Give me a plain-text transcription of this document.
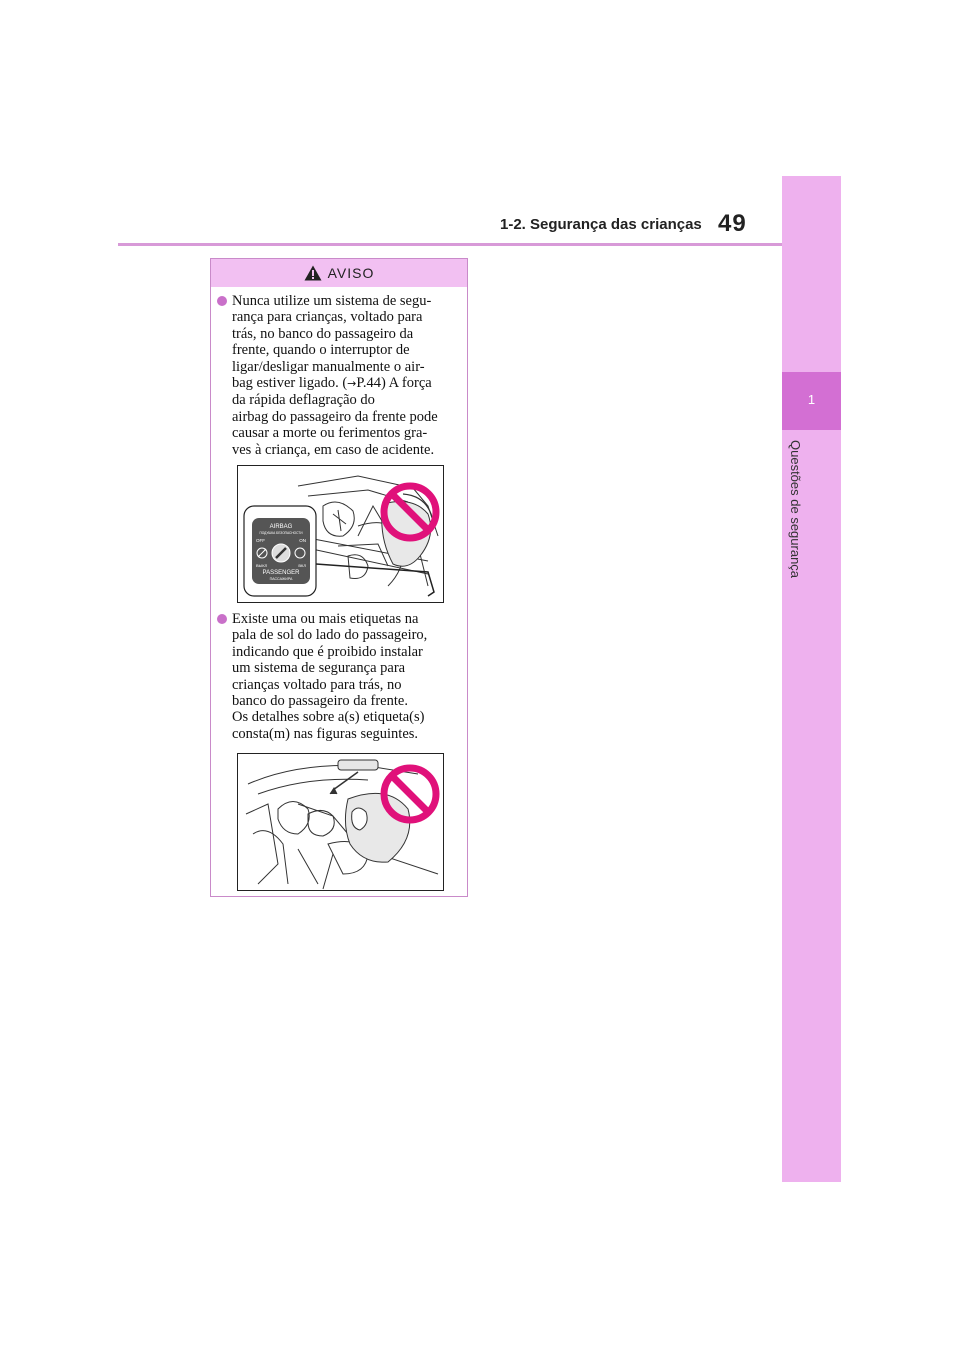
1-2. Segurança das crianças 49
1
Questões de segurança
AVISO
Nunca utilize um sistema de segu-
rança para crianças, voltado para
trás, no banco do passageiro da
frente, quando o interruptor de
ligar/desligar manualmente o air-
bag estiver ligado. (→P.44) A força
da rápida deflagração do
airbag do passageiro da frente pode
causar a morte ou ferimentos gra-
ves à criança, em caso de acidente.
AIRBAG
ПОДУШКА БЕЗОПАСНОСТИ
OFF	ON
ВЫКЛ	ВКЛ
PASSENGER
ПАССАЖИРА
Existe uma ou mais etiquetas na
pala de sol do lado do passageiro,
indicando que é proibido instalar
um sistema de segurança para
crianças voltado para trás, no
banco do passageiro da frente.
Os detalhes sobre a(s) etiqueta(s)
consta(m) nas figuras seguintes.
